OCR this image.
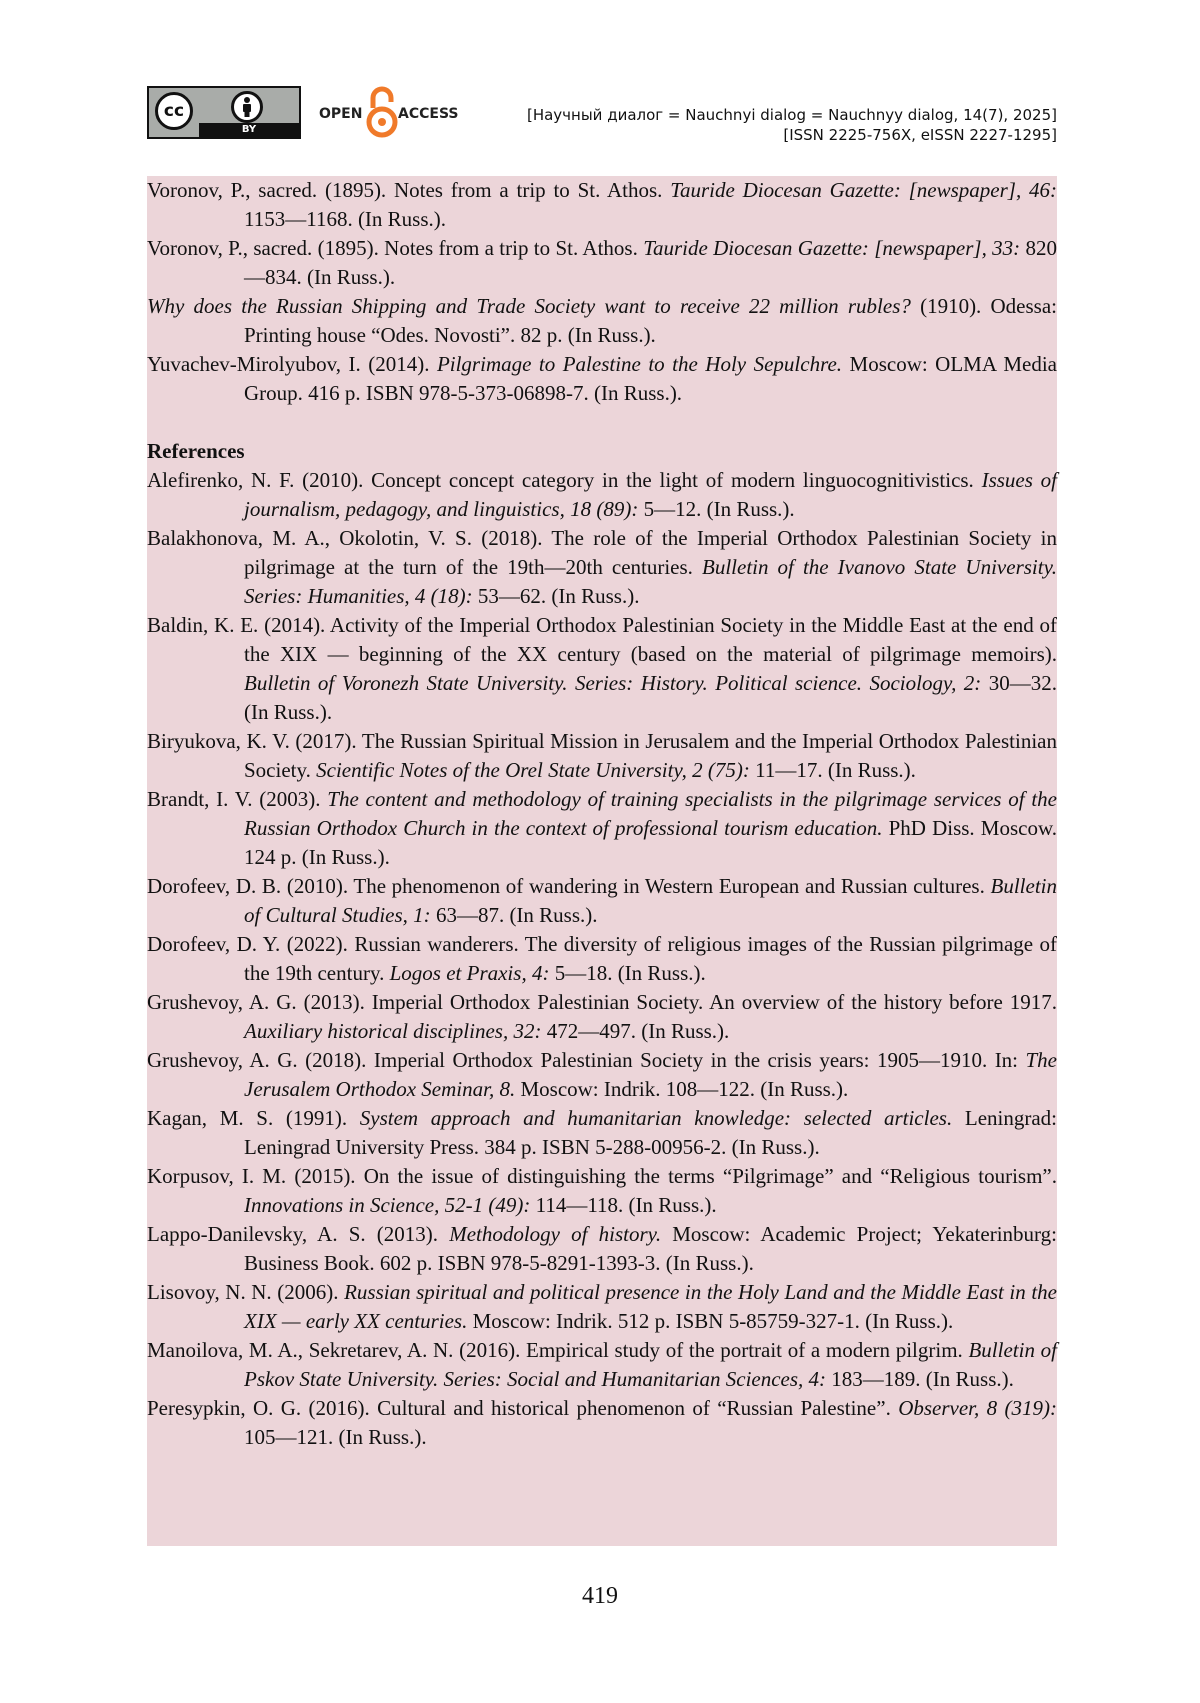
cc
BY
OPEN	ACCESS	[Научный диалог = Nauchnyi dialog = Nauchnyy dialog, 14(7), 2025]
[ISSN 2225-756X, eISSN 2227-1295]
Voronov, P., sacred. (1895). Notes from a trip to St. Athos. Tauride Diocesan Gazette: [newspaper], 46: 1153—1168. (In Russ.).
Voronov, P., sacred. (1895). Notes from a trip to St. Athos. Tauride Diocesan Gazette: [newspaper], 33: 820—834. (In Russ.).
Why does the Russian Shipping and Trade Society want to receive 22 million rubles? (1910). Odessa: Printing house “Odes. Novosti”. 82 p. (In Russ.).
Yuvachev-Mirolyubov, I. (2014). Pilgrimage to Palestine to the Holy Sepulchre. Moscow: OLMA Media Group. 416 p. ISBN 978-5-373-06898-7. (In Russ.).
References
Alefirenko, N. F. (2010). Concept concept category in the light of modern linguocognitivistics. Issues of journalism, pedagogy, and linguistics, 18 (89): 5—12. (In Russ.).
Balakhonova, M. A., Okolotin, V. S. (2018). The role of the Imperial Orthodox Palestinian Society in pilgrimage at the turn of the 19th—20th centuries. Bulletin of the Ivanovo State University. Series: Humanities, 4 (18): 53—62. (In Russ.).
Baldin, K. E. (2014). Activity of the Imperial Orthodox Palestinian Society in the Middle East at the end of the XIX — beginning of the XX century (based on the material of pilgrimage memoirs). Bulletin of Voronezh State University. Series: History. Political science. Sociology, 2: 30—32. (In Russ.).
Biryukova, K. V. (2017). The Russian Spiritual Mission in Jerusalem and the Imperial Orthodox Palestinian Society. Scientific Notes of the Orel State University, 2 (75): 11—17. (In Russ.).
Brandt, I. V. (2003). The content and methodology of training specialists in the pilgrimage services of the Russian Orthodox Church in the context of professional tourism education. PhD Diss. Moscow. 124 p. (In Russ.).
Dorofeev, D. B. (2010). The phenomenon of wandering in Western European and Russian cultures. Bulletin of Cultural Studies, 1: 63—87. (In Russ.).
Dorofeev, D. Y. (2022). Russian wanderers. The diversity of religious images of the Russian pilgrimage of the 19th century. Logos et Praxis, 4: 5—18. (In Russ.).
Grushevoy, A. G. (2013). Imperial Orthodox Palestinian Society. An overview of the history before 1917. Auxiliary historical disciplines, 32: 472—497. (In Russ.).
Grushevoy, A. G. (2018). Imperial Orthodox Palestinian Society in the crisis years: 1905—1910. In: The Jerusalem Orthodox Seminar, 8. Moscow: Indrik. 108—122. (In Russ.).
Kagan, M. S. (1991). System approach and humanitarian knowledge: selected articles. Leningrad: Leningrad University Press. 384 p. ISBN 5-288-00956-2. (In Russ.).
Korpusov, I. M. (2015). On the issue of distinguishing the terms “Pilgrimage” and “Religious tourism”. Innovations in Science, 52-1 (49): 114—118. (In Russ.).
Lappo-Danilevsky, A. S. (2013). Methodology of history. Moscow: Academic Project; Yekaterinburg: Business Book. 602 p. ISBN 978-5-8291-1393-3. (In Russ.).
Lisovoy, N. N. (2006). Russian spiritual and political presence in the Holy Land and the Middle East in the XIX — early XX centuries. Moscow: Indrik. 512 p. ISBN 5-85759-327-1. (In Russ.).
Manoilova, M. A., Sekretarev, A. N. (2016). Empirical study of the portrait of a modern pilgrim. Bulletin of Pskov State University. Series: Social and Humanitarian Sciences, 4: 183—189. (In Russ.).
Peresypkin, O. G. (2016). Cultural and historical phenomenon of “Russian Palestine”. Observer, 8 (319): 105—121. (In Russ.).
419
